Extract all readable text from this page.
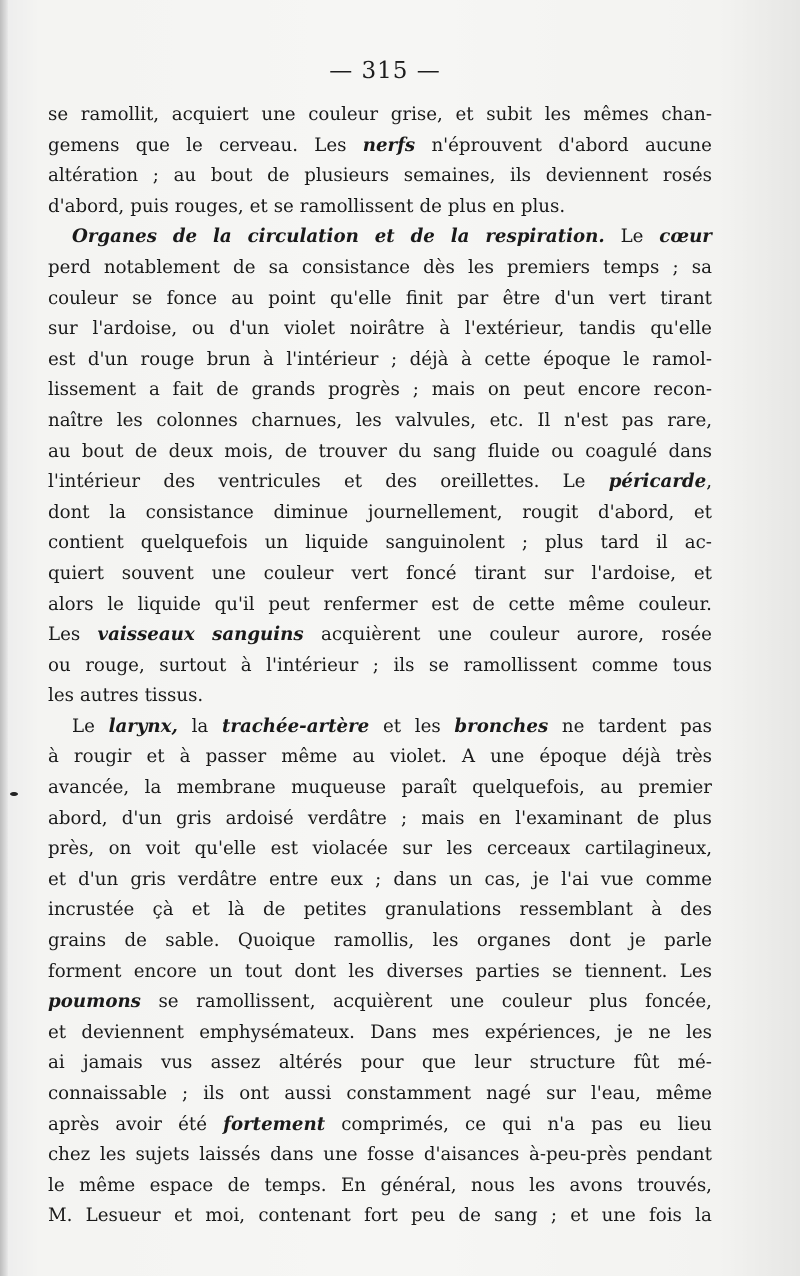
— 315 —
se ramollit, acquiert une couleur grise, et subit les mêmes chan-
gemens que le cerveau. Les nerfs n'éprouvent d'abord aucune
altération ; au bout de plusieurs semaines, ils deviennent rosés
d'abord, puis rouges, et se ramollissent de plus en plus.
Organes de la circulation et de la respiration. Le cœur
perd notablement de sa consistance dès les premiers temps ; sa
couleur se fonce au point qu'elle finit par être d'un vert tirant
sur l'ardoise, ou d'un violet noirâtre à l'extérieur, tandis qu'elle
est d'un rouge brun à l'intérieur ; déjà à cette époque le ramol-
lissement a fait de grands progrès ; mais on peut encore recon-
naître les colonnes charnues, les valvules, etc. Il n'est pas rare,
au bout de deux mois, de trouver du sang fluide ou coagulé dans
l'intérieur des ventricules et des oreillettes. Le péricarde,
dont la consistance diminue journellement, rougit d'abord, et
contient quelquefois un liquide sanguinolent ; plus tard il ac-
quiert souvent une couleur vert foncé tirant sur l'ardoise, et
alors le liquide qu'il peut renfermer est de cette même couleur.
Les vaisseaux sanguins acquièrent une couleur aurore, rosée
ou rouge, surtout à l'intérieur ; ils se ramollissent comme tous
les autres tissus.
Le larynx, la trachée-artère et les bronches ne tardent pas
à rougir et à passer même au violet. A une époque déjà très
avancée, la membrane muqueuse paraît quelquefois, au premier
abord, d'un gris ardoisé verdâtre ; mais en l'examinant de plus
près, on voit qu'elle est violacée sur les cerceaux cartilagineux,
et d'un gris verdâtre entre eux ; dans un cas, je l'ai vue comme
incrustée çà et là de petites granulations ressemblant à des
grains de sable. Quoique ramollis, les organes dont je parle
forment encore un tout dont les diverses parties se tiennent. Les
poumons se ramollissent, acquièrent une couleur plus foncée,
et deviennent emphysémateux. Dans mes expériences, je ne les
ai jamais vus assez altérés pour que leur structure fût mé-
connaissable ; ils ont aussi constamment nagé sur l'eau, même
après avoir été fortement comprimés, ce qui n'a pas eu lieu
chez les sujets laissés dans une fosse d'aisances à-peu-près pendant
le même espace de temps. En général, nous les avons trouvés,
M. Lesueur et moi, contenant fort peu de sang ; et une fois la
